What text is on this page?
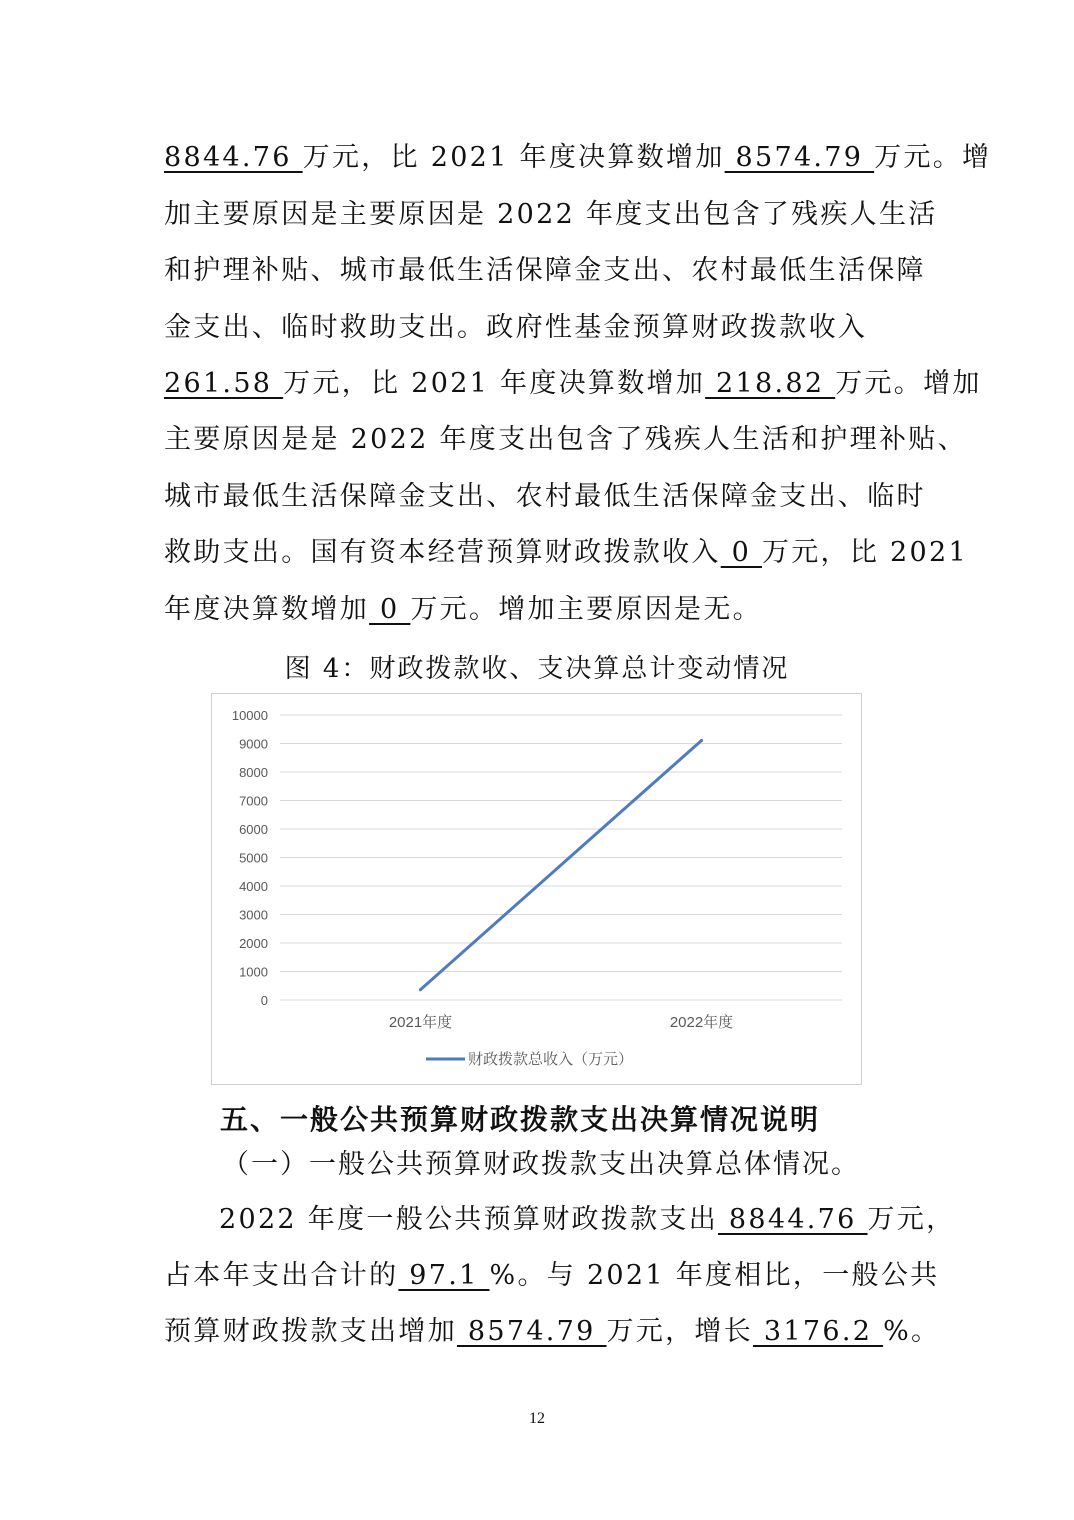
8844.76 万元，比 2021 年度决算数增加 8574.79 万元。增
加主要原因是主要原因是 2022 年度支出包含了残疾人生活
和护理补贴、城市最低生活保障金支出、农村最低生活保障
金支出、临时救助支出。政府性基金预算财政拨款收入
261.58 万元，比 2021 年度决算数增加 218.82 万元。增加
主要原因是是 2022 年度支出包含了残疾人生活和护理补贴、
城市最低生活保障金支出、农村最低生活保障金支出、临时
救助支出。国有资本经营预算财政拨款收入 0 万元，比 2021
年度决算数增加 0 万元。增加主要原因是无。
图 4：财政拨款收、支决算总计变动情况
0
1000
2000
3000
4000
5000
6000
7000
8000
9000
10000
2021年度	2022年度
财政拨款总收入（万元）
五、一般公共预算财政拨款支出决算情况说明
（一）一般公共预算财政拨款支出决算总体情况。
2022 年度一般公共预算财政拨款支出 8844.76 万元，
占本年支出合计的 97.1 %。与 2021 年度相比，一般公共
预算财政拨款支出增加 8574.79 万元，增长 3176.2 %。
12
